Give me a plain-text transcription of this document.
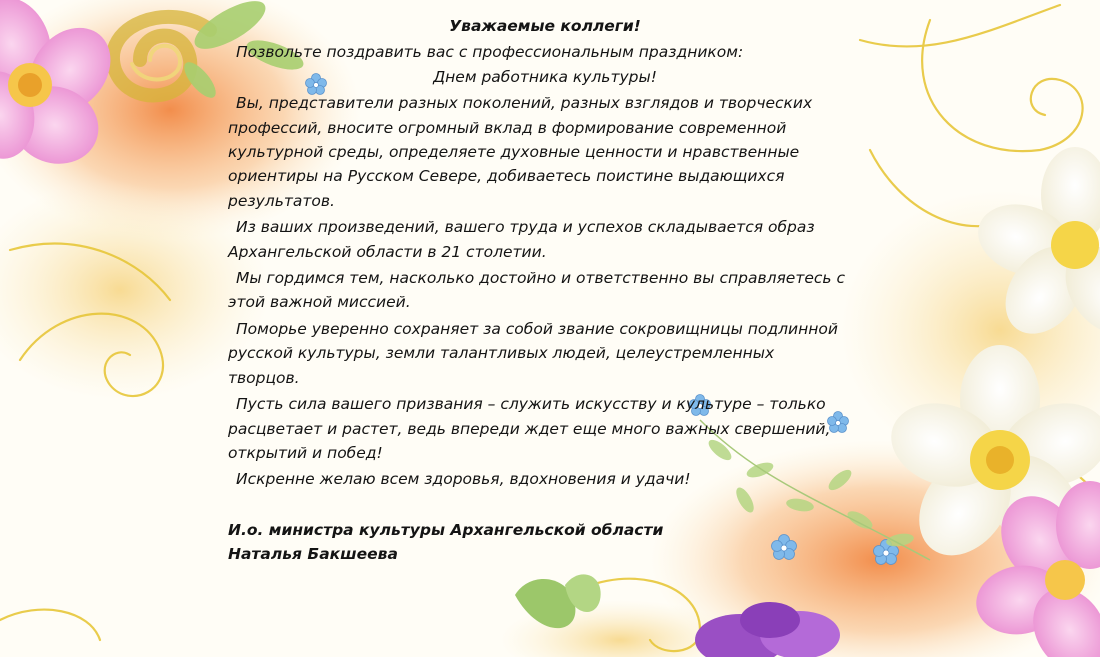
Уважаемые коллеги!

Позвольте поздравить вас с профессиональным праздником:

Днем работника культуры!

Вы, представители разных поколений, разных взглядов и творческих профессий, вносите огромный вклад в формирование современной культурной среды, определяете духовные ценности и нравственные ориентиры на Русском Севере, добиваетесь поистине выдающихся результатов.

Из ваших произведений, вашего труда и успехов складывается образ Архангельской области в 21 столетии.

Мы гордимся тем, насколько достойно и ответственно вы справляетесь с этой важной миссией.

Поморье уверенно сохраняет за собой звание сокровищницы подлинной русской культуры, земли талантливых людей, целеустремленных творцов.

Пусть сила вашего призвания – служить искусству и культуре – только расцветает и растет, ведь впереди ждет еще много важных свершений, открытий и побед!

Искренне желаю всем здоровья, вдохновения и удачи!

И.о. министра культуры Архангельской области

Наталья Бакшеева
